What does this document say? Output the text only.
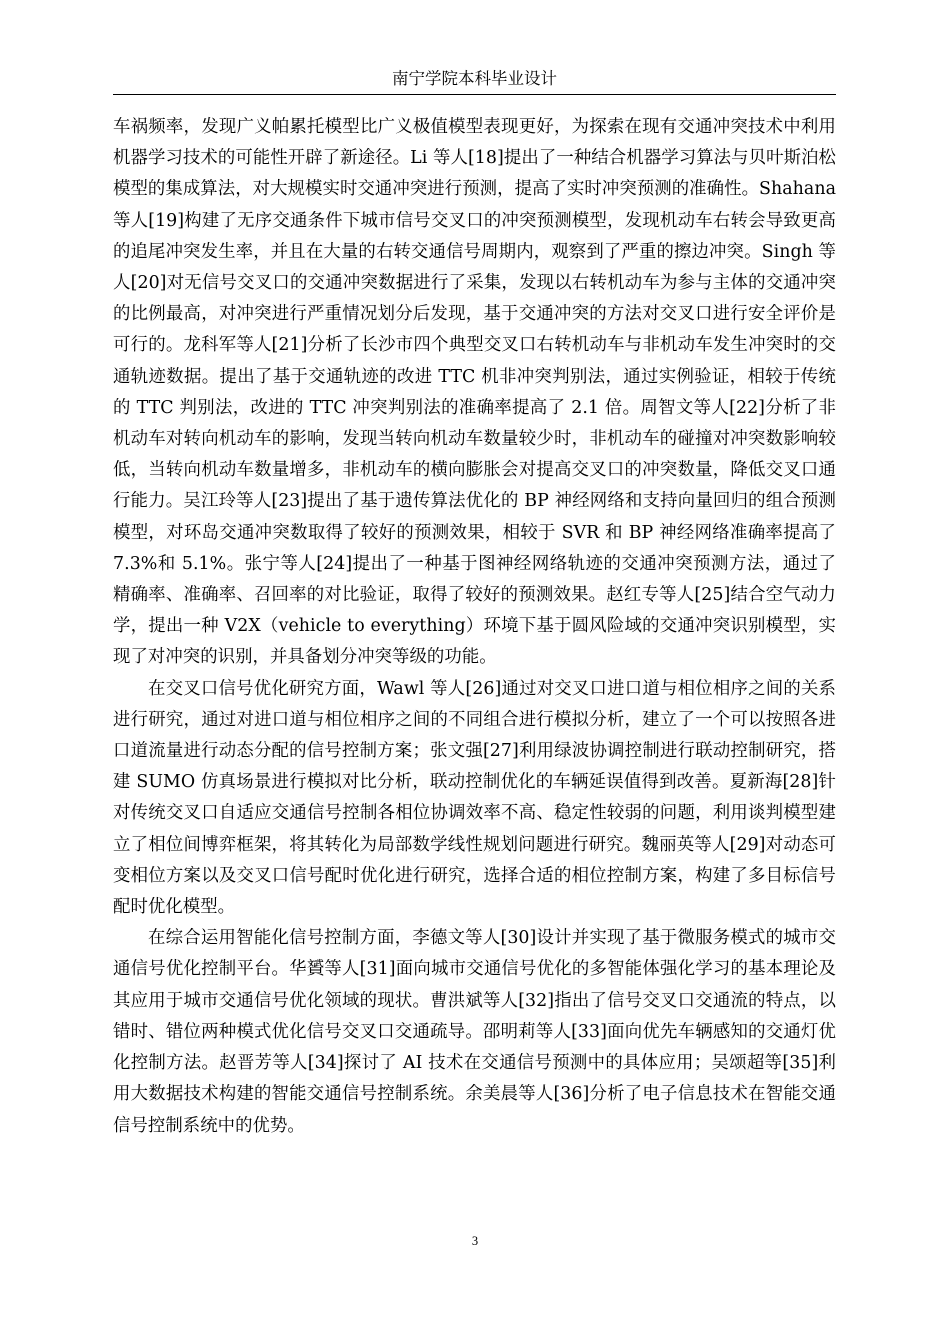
南宁学院本科毕业设计

车祸频率，发现广义帕累托模型比广义极值模型表现更好，为探索在现有交通冲突技术中利用机器学习技术的可能性开辟了新途径。Li 等人[18]提出了一种结合机器学习算法与贝叶斯泊松模型的集成算法，对大规模实时交通冲突进行预测，提高了实时冲突预测的准确性。Shahana 等人[19]构建了无序交通条件下城市信号交叉口的冲突预测模型，发现机动车右转会导致更高的追尾冲突发生率，并且在大量的右转交通信号周期内，观察到了严重的擦边冲突。Singh 等人[20]对无信号交叉口的交通冲突数据进行了采集，发现以右转机动车为参与主体的交通冲突的比例最高，对冲突进行严重情况划分后发现，基于交通冲突的方法对交叉口进行安全评价是可行的。龙科军等人[21]分析了长沙市四个典型交叉口右转机动车与非机动车发生冲突时的交通轨迹数据。提出了基于交通轨迹的改进 TTC 机非冲突判别法，通过实例验证，相较于传统的 TTC 判别法，改进的 TTC 冲突判别法的准确率提高了 2.1 倍。周智文等人[22]分析了非机动车对转向机动车的影响，发现当转向机动车数量较少时，非机动车的碰撞对冲突数影响较低，当转向机动车数量增多，非机动车的横向膨胀会对提高交叉口的冲突数量，降低交叉口通行能力。吴江玲等人[23]提出了基于遗传算法优化的 BP 神经网络和支持向量回归的组合预测模型，对环岛交通冲突数取得了较好的预测效果，相较于 SVR 和 BP 神经网络准确率提高了 7.3%和 5.1%。张宁等人[24]提出了一种基于图神经网络轨迹的交通冲突预测方法，通过了精确率、准确率、召回率的对比验证，取得了较好的预测效果。赵红专等人[25]结合空气动力学，提出一种 V2X（vehicle to everything）环境下基于圆风险域的交通冲突识别模型，实现了对冲突的识别，并具备划分冲突等级的功能。

在交叉口信号优化研究方面，Wawl 等人[26]通过对交叉口进口道与相位相序之间的关系进行研究，通过对进口道与相位相序之间的不同组合进行模拟分析，建立了一个可以按照各进口道流量进行动态分配的信号控制方案；张文强[27]利用绿波协调控制进行联动控制研究，搭建 SUMO 仿真场景进行模拟对比分析，联动控制优化的车辆延误值得到改善。夏新海[28]针对传统交叉口自适应交通信号控制各相位协调效率不高、稳定性较弱的问题，利用谈判模型建立了相位间博弈框架，将其转化为局部数学线性规划问题进行研究。魏丽英等人[29]对动态可变相位方案以及交叉口信号配时优化进行研究，选择合适的相位控制方案，构建了多目标信号配时优化模型。

在综合运用智能化信号控制方面，李德文等人[30]设计并实现了基于微服务模式的城市交通信号优化控制平台。华贇等人[31]面向城市交通信号优化的多智能体强化学习的基本理论及其应用于城市交通信号优化领域的现状。曹洪斌等人[32]指出了信号交叉口交通流的特点，以错时、错位两种模式优化信号交叉口交通疏导。邵明莉等人[33]面向优先车辆感知的交通灯优化控制方法。赵晋芳等人[34]探讨了 AI 技术在交通信号预测中的具体应用；吴颂超等[35]利用大数据技术构建的智能交通信号控制系统。余美晨等人[36]分析了电子信息技术在智能交通信号控制系统中的优势。

3
